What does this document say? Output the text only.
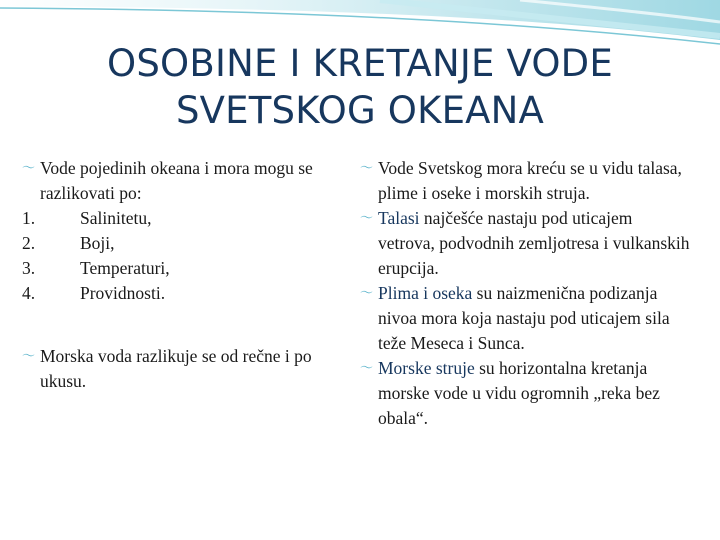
OSOBINE I KRETANJE VODE
SVETSKOG OKEANA
〜 Vode pojedinih okeana i mora mogu se razlikovati po:

1.	Salinitetu,
2.	Boji,
3.	Temperaturi,
4.	Providnosti.
〜 Morska voda razlikuje se od rečne i po ukusu.

〜 Vode Svetskog mora kreću se u vidu talasa, plime i oseke i morskih struja.

〜 Talasi najčešće nastaju pod uticajem vetrova, podvodnih zemljotresa i vulkanskih erupcija.

〜 Plima i oseka su naizmenična podizanja nivoa mora koja nastaju pod uticajem sila teže Meseca i Sunca.

〜 Morske struje su horizontalna kretanja morske vode u vidu ogromnih „reka bez obala“.
